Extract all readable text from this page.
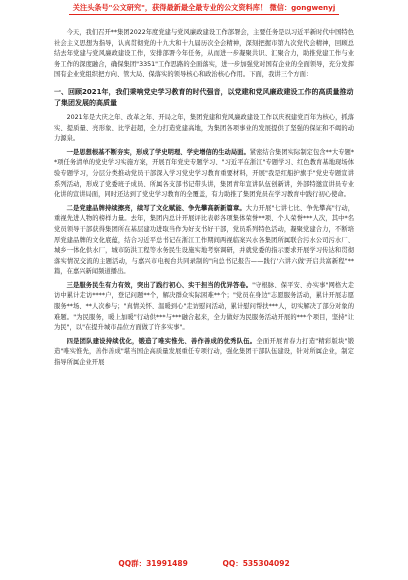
关注头条号"公文研究"，获得最新最全最专业的公文资料库！ 微信：gongwenyj

今天，我们召开**集团2022年度党建与党风廉政建设工作部署会，主要任务是以习近平新时代中国特色社会主义思想为指导，认真贯彻党的十九大和十九届历次全会精神，深刻把握市第九次党代会精神，回顾总结去年党建与党风廉政建设工作，安排部署今年任务，从而进一步凝聚共识、汇聚合力，助推党建工作与业务工作的深度融合，确保集团"3351"工作思路的全面落实，进一步加强党对国有企业的全面领导，充分发挥国有企业党组织把方向、管大局、保落实的领导核心和政治核心作用。下面，我讲三个方面：

一、回顾2021年，我们秉响党史学习教育的时代强音，以党建和党风廉政建设工作的高质量推动了集团发展的高质量

2021年是大庆之年、改革之年、开局之年，集团党建和党风廉政建设工作以庆祝建党百年为核心，抓落实、提质量、亮形象、比学赶超，全力打造党建高地，为集团各项事业的发展提供了坚强的保证和不竭的动力源泉。

一是思想根基不断夯实，形成了学史明理、学史增信的生动局面。紧密结合集团实际制定包含**大专题**项任务清单的党史学习实施方案，开展百年党史专题学习、"习近平在浙江"专题学习、红色教育基地现场体验专题学习，分层分类推动党员干部深入学习党史学习教育重要材料，开展"我是红船护旗手"党史专题宣讲系列活动，形成了党委班子成员、所属各支部书记带头讲，集团青年宣讲队伍创新讲，外部特邀宣讲员专业化讲的宣讲局面，同时还达到了党史学习教育的全覆盖，有力助推了集团党员在学习教育中践行初心使命。

二是党建品牌持续擦亮，续写了文化赋能、争先攀高新新篇章。大力开展"七讲七比、争先攀高"行动，重视先进人物的榜样力量。去年，集团内总计开展评比表彰各项集体荣誉**项、个人荣誉***人次，其中*名党员领导干部获得集团所在基层建功进取当作为好支书好干部，党员系列特色活动，凝聚党建合力，不断培厚党建品牌的文化底蕴，结合习近平总书记在浙江工作期间两视临案兴水各集团所属联合污水公司污水厂、城乡一体化供水厂，城市防洪工程等水务民生设施实地考察调研，并就党委的指示要求开展学习传达和贯彻落实情况交流的主题活动，与嘉兴市电视台共同录制的"向总书记报告——践行'六讲六做'开启共富新程"**篇，在嘉兴新闻频道播出。

三是服务民生有力有效，突出了践行初心、实干担当的优异答卷。"守根脉、保平安、办实事"网格大走访中累计走访****户，登记问题**个，解决群众实际困难**个；"党员在身边"志愿服务活动，累计开展志愿服务**场、**人次参与；"真情关怀、温暖到心"走访慰问活动，累计慰问帮扶***人，切实解决了部分对象的难题。"为民服务，暖上加暖"行动供***与***融合起来，全力做好为民服务活动开展的***个项目，坚持"让为民"，以"在提升城市品位方面做了许多实事"。

四是团队建设持续优化，锻造了唯实惟先、善作善成的优秀队伍。全面开展青春力打造"精彩版块"锻造"唯实惟先，善作善成"堪当国企高质量发展重任专项行动，强化集团干部队伍建设，针对所属企业，制定指导所属企业开展

QQ群：31991489	QQ：535304092
